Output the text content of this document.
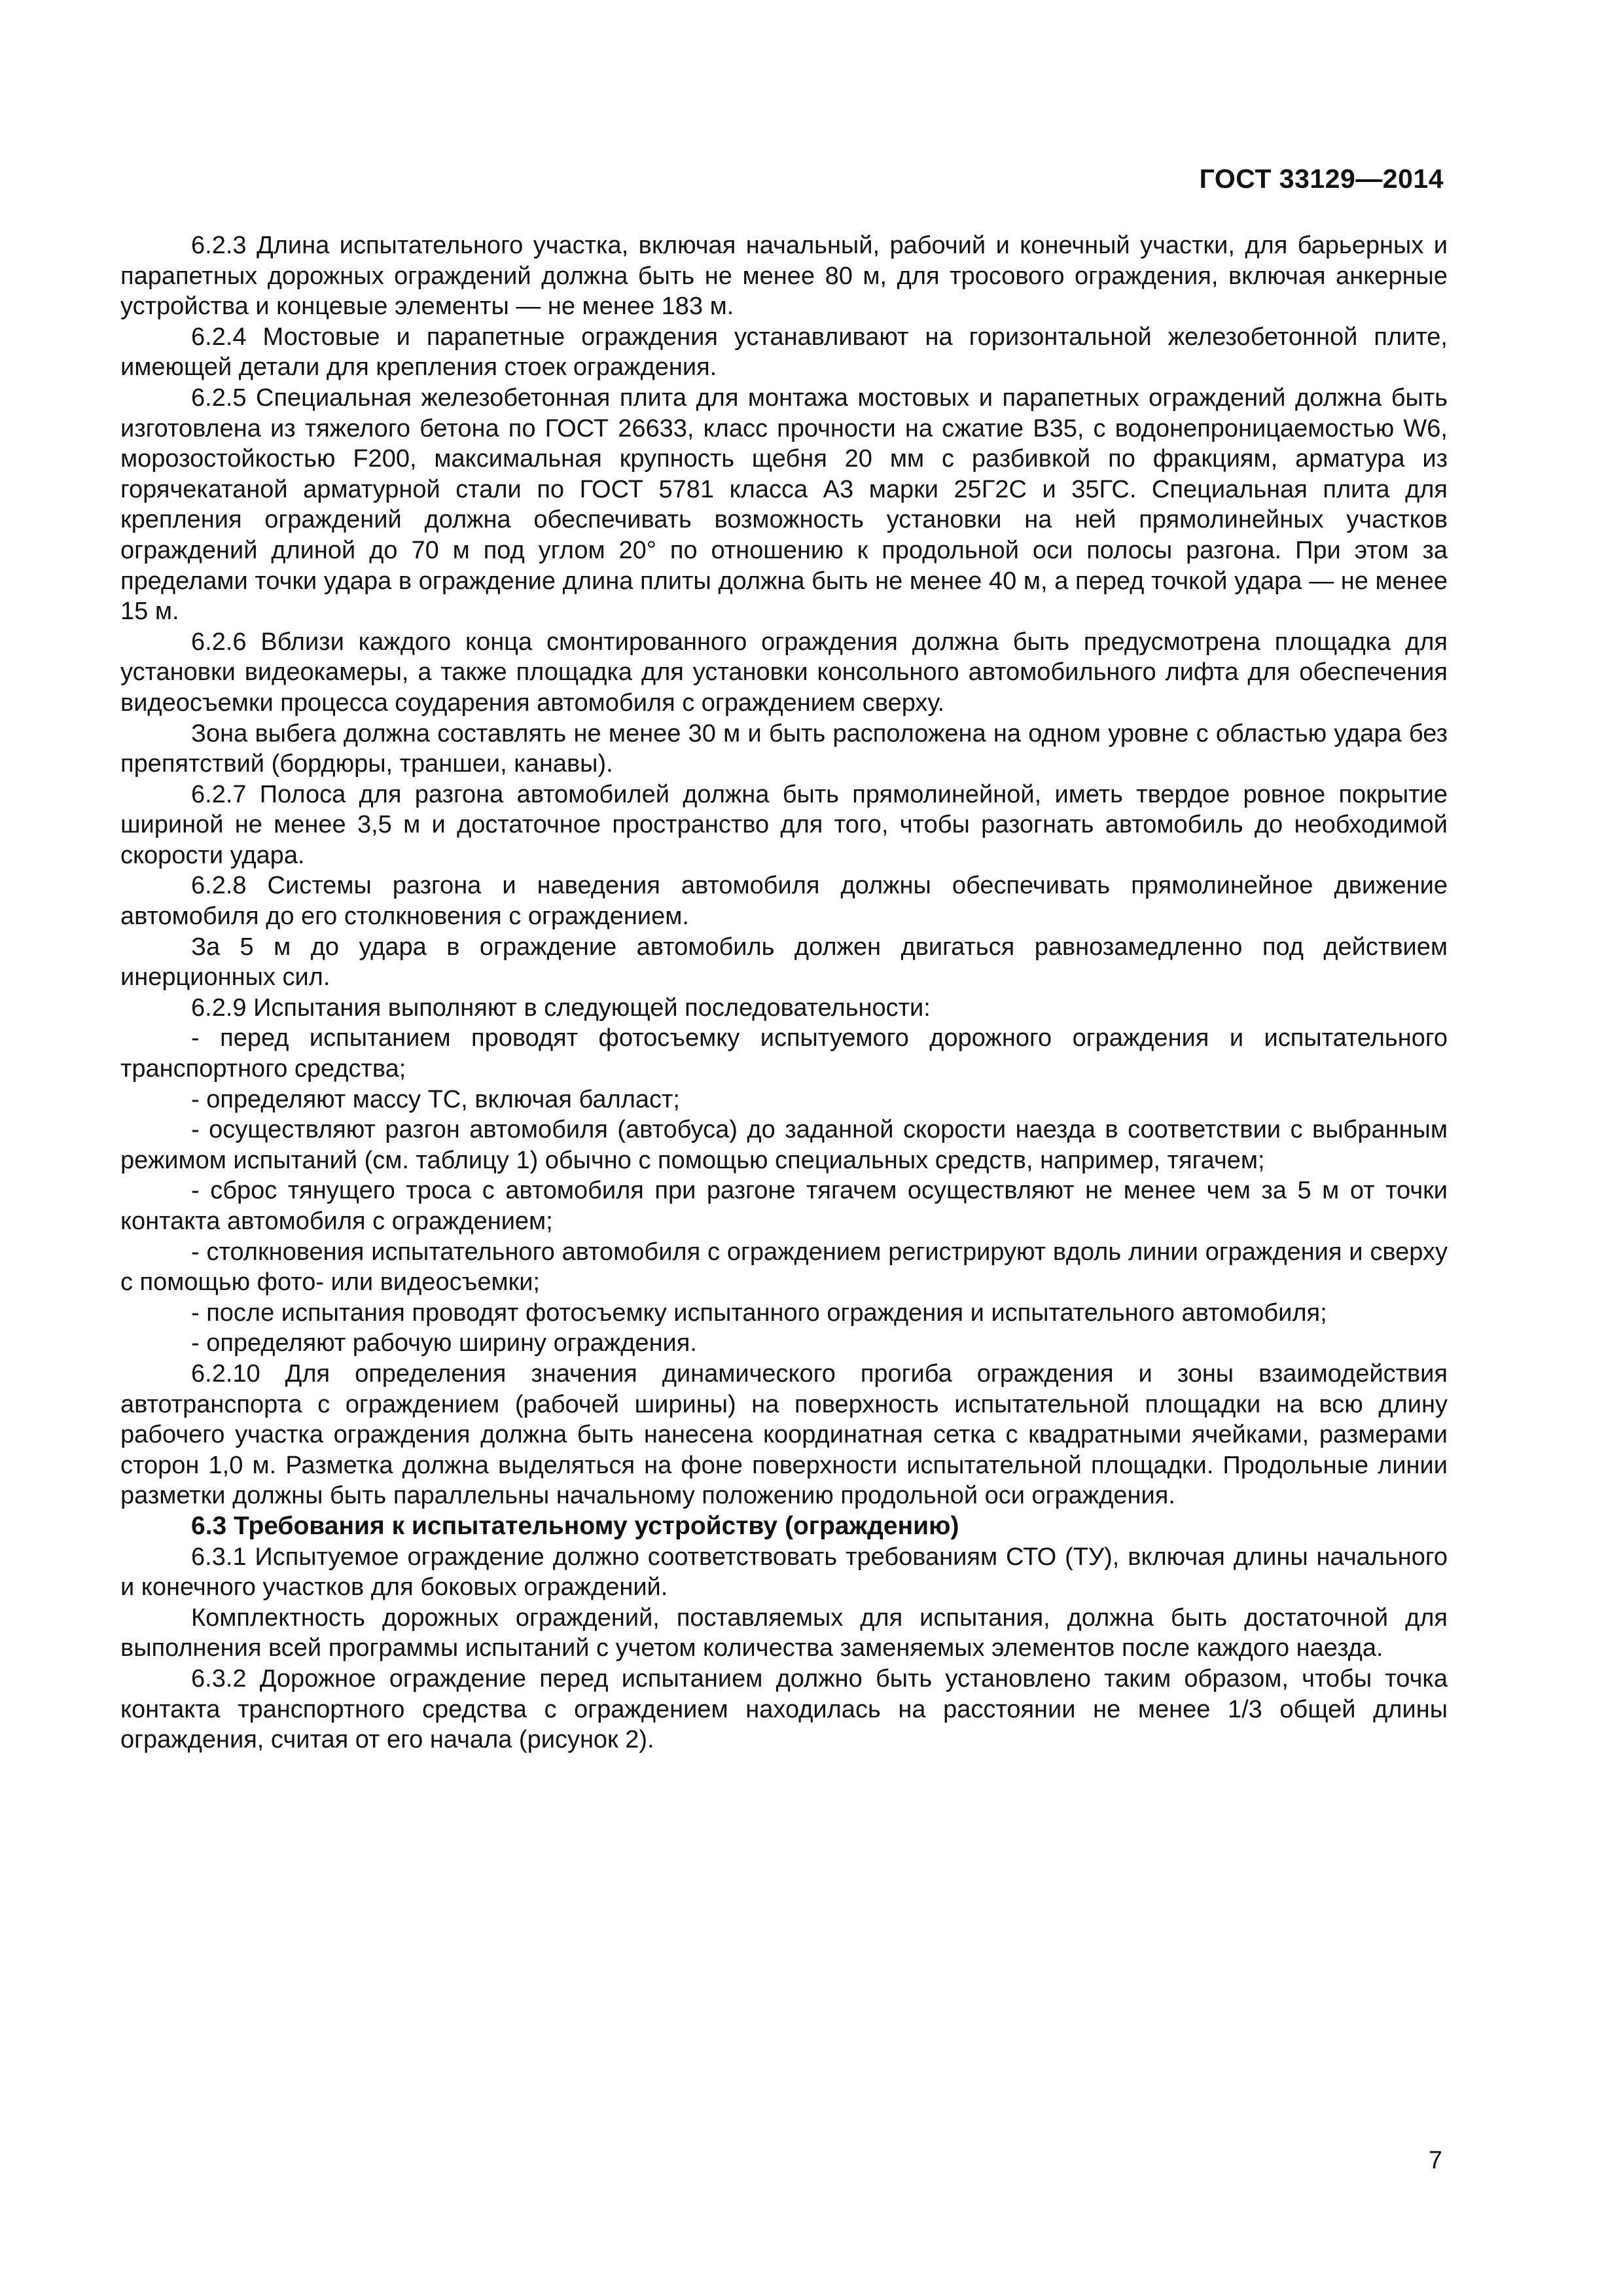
ГОСТ 33129—2014

6.2.3 Длина испытательного участка, включая начальный, рабочий и конечный участки, для барьерных и парапетных дорожных ограждений должна быть не менее 80 м, для тросового ограждения, включая анкерные устройства и концевые элементы — не менее 183 м.

6.2.4 Мостовые и парапетные ограждения устанавливают на горизонтальной железобетонной плите, имеющей детали для крепления стоек ограждения.

6.2.5 Специальная железобетонная плита для монтажа мостовых и парапетных ограждений должна быть изготовлена из тяжелого бетона по ГОСТ 26633, класс прочности на сжатие В35, с водонепроницаемостью W6, морозостойкостью F200, максимальная крупность щебня 20 мм с разбивкой по фракциям, арматура из горячекатаной арматурной стали по ГОСТ 5781 класса А3 марки 25Г2С и 35ГС. Специальная плита для крепления ограждений должна обеспечивать возможность установки на ней прямолинейных участков ограждений длиной до 70 м под углом 20° по отношению к продольной оси полосы разгона. При этом за пределами точки удара в ограждение длина плиты должна быть не менее 40 м, а перед точкой удара — не менее 15 м.

6.2.6 Вблизи каждого конца смонтированного ограждения должна быть предусмотрена площадка для установки видеокамеры, а также площадка для установки консольного автомобильного лифта для обеспечения видеосъемки процесса соударения автомобиля с ограждением сверху.

Зона выбега должна составлять не менее 30 м и быть расположена на одном уровне с областью удара без препятствий (бордюры, траншеи, канавы).

6.2.7 Полоса для разгона автомобилей должна быть прямолинейной, иметь твердое ровное покрытие шириной не менее 3,5 м и достаточное пространство для того, чтобы разогнать автомобиль до необходимой скорости удара.

6.2.8 Системы разгона и наведения автомобиля должны обеспечивать прямолинейное движение автомобиля до его столкновения с ограждением.

За 5 м до удара в ограждение автомобиль должен двигаться равнозамедленно под действием инерционных сил.

6.2.9 Испытания выполняют в следующей последовательности:

- перед испытанием проводят фотосъемку испытуемого дорожного ограждения и испытательного транспортного средства;

- определяют массу ТС, включая балласт;

- осуществляют разгон автомобиля (автобуса) до заданной скорости наезда в соответствии с выбранным режимом испытаний (см. таблицу 1) обычно с помощью специальных средств, например, тягачем;

- сброс тянущего троса с автомобиля при разгоне тягачем осуществляют не менее чем за 5 м от точки контакта автомобиля с ограждением;

- столкновения испытательного автомобиля с ограждением регистрируют вдоль линии ограждения и сверху с помощью фото- или видеосъемки;

- после испытания проводят фотосъемку испытанного ограждения и испытательного автомобиля;

- определяют рабочую ширину ограждения.

6.2.10 Для определения значения динамического прогиба ограждения и зоны взаимодействия автотранспорта с ограждением (рабочей ширины) на поверхность испытательной площадки на всю длину рабочего участка ограждения должна быть нанесена координатная сетка с квадратными ячейками, размерами сторон 1,0 м. Разметка должна выделяться на фоне поверхности испытательной площадки. Продольные линии разметки должны быть параллельны начальному положению продольной оси ограждения.

6.3 Требования к испытательному устройству (ограждению)

6.3.1 Испытуемое ограждение должно соответствовать требованиям СТО (ТУ), включая длины начального и конечного участков для боковых ограждений.

Комплектность дорожных ограждений, поставляемых для испытания, должна быть достаточной для выполнения всей программы испытаний с учетом количества заменяемых элементов после каждого наезда.

6.3.2 Дорожное ограждение перед испытанием должно быть установлено таким образом, чтобы точка контакта транспортного средства с ограждением находилась на расстоянии не менее 1/3 общей длины ограждения, считая от его начала (рисунок 2).

7
